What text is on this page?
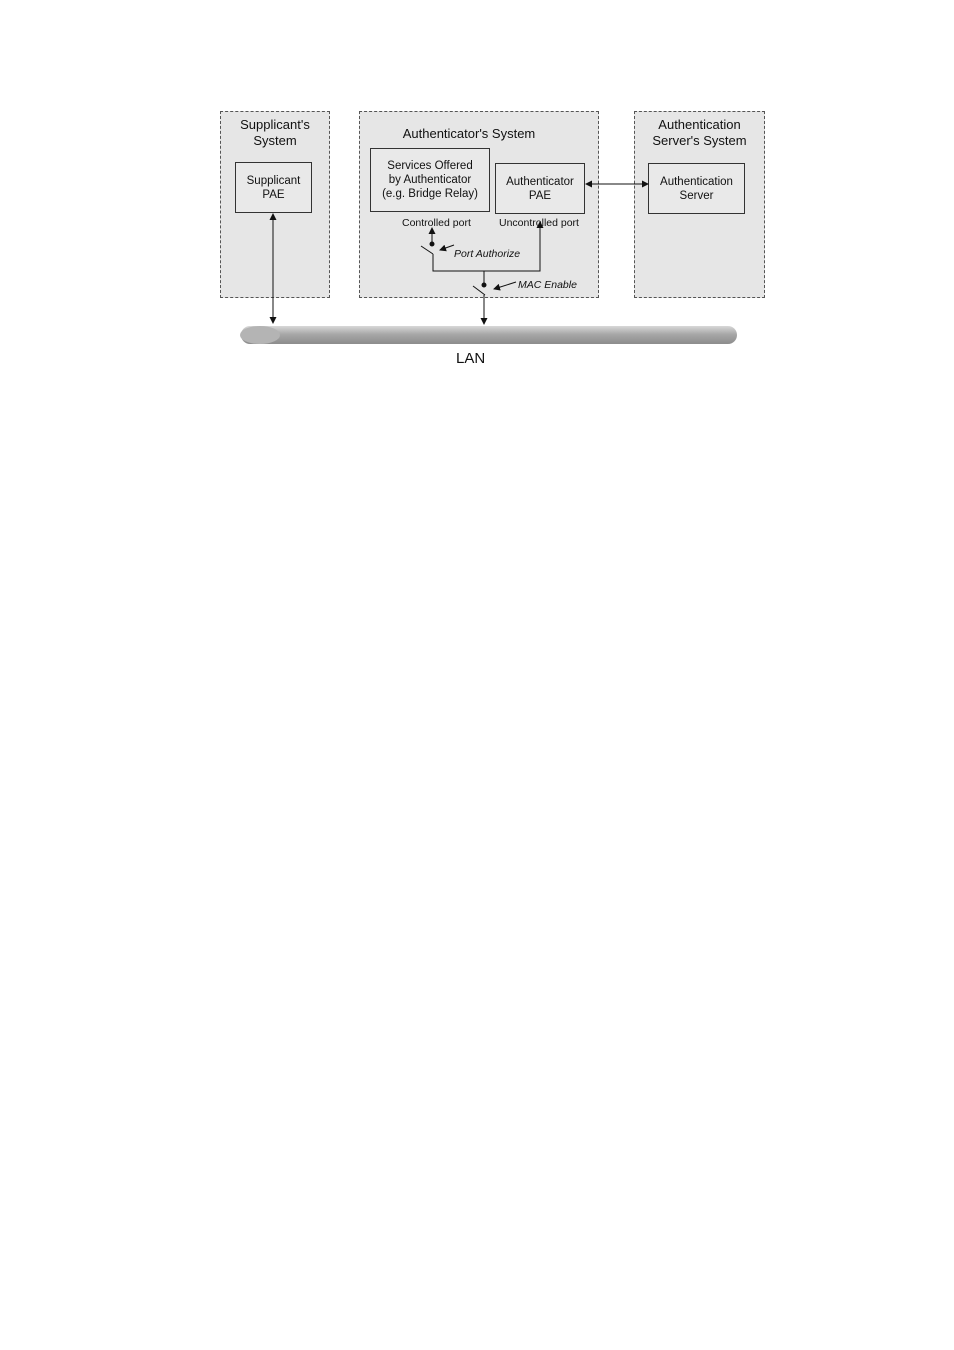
Supplicant's
System	Authenticator's System
Authentication
Server's System
Supplicant
PAE
Services Offered
by Authenticator
(e.g. Bridge Relay)
Authenticator
PAE
Authentication
Server
Controlled port	Uncontrolled port
Port Authorize
MAC Enable
LAN
